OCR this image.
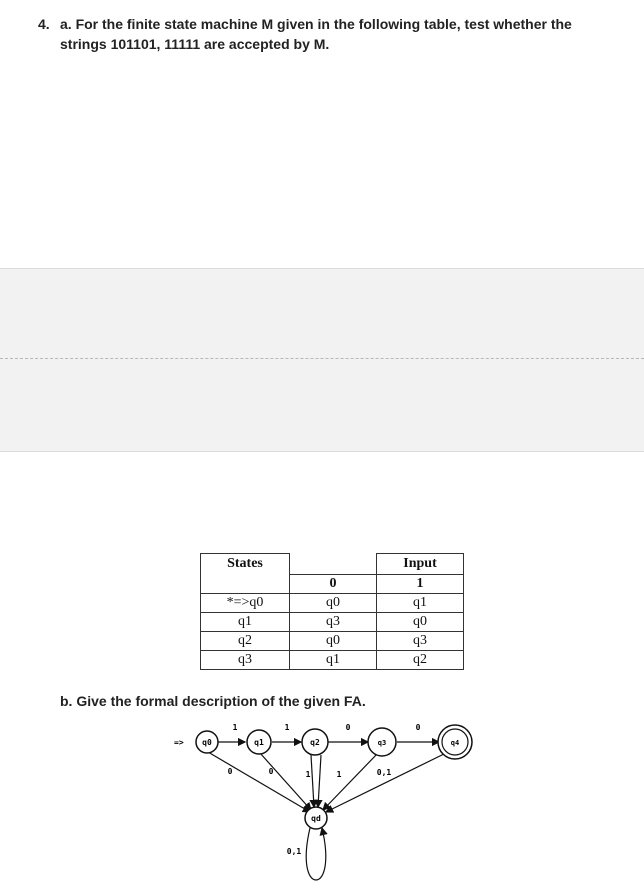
4. a. For the finite state machine M given in the following table, test whether the strings 101101, 11111 are accepted by M.
States		Input
	0	1
*=>q0	q0	q1
q1	q3	q0
q2	q0	q3
q3	q1	q2
b. Give the formal description of the given FA.
=> q0	q1	q2	q3	q4
qd
1	1	0	0
0	0	1	1	0,1
0,1
